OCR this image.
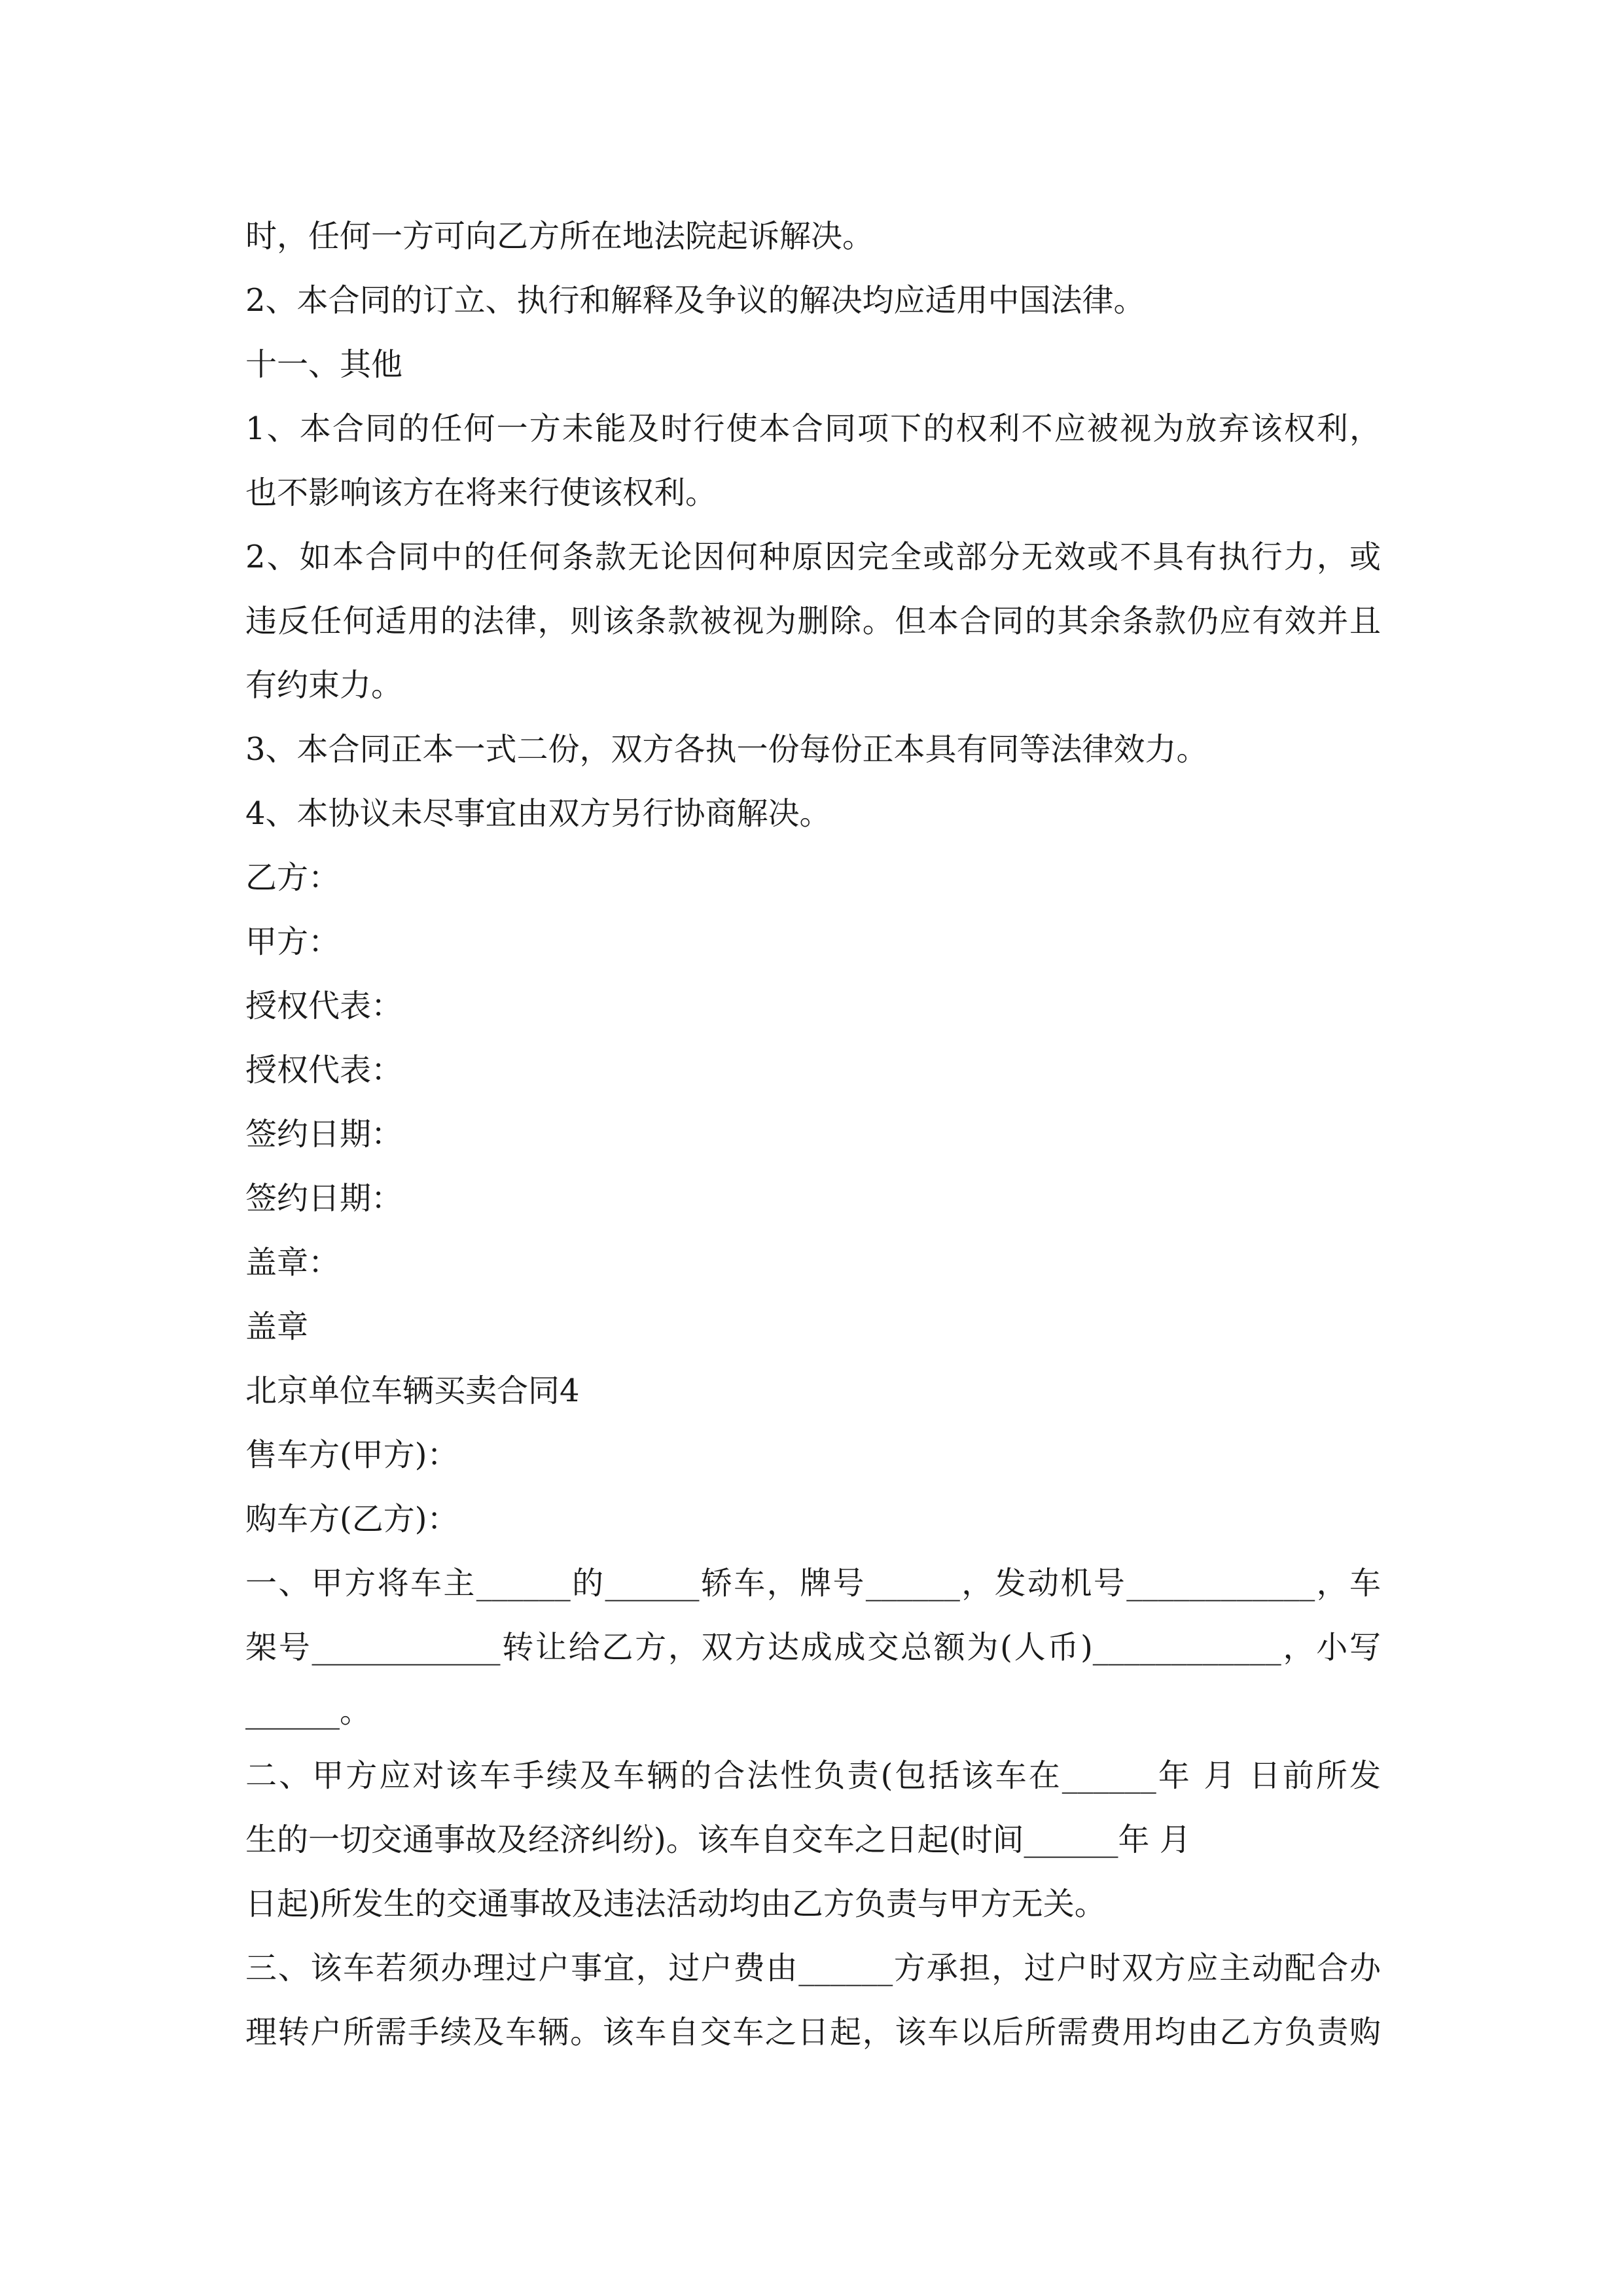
时，任何一方可向乙方所在地法院起诉解决。
2、本合同的订立、执行和解释及争议的解决均应适用中国法律。
十一、其他
1、本合同的任何一方未能及时行使本合同项下的权利不应被视为放弃该权利，
也不影响该方在将来行使该权利。
2、如本合同中的任何条款无论因何种原因完全或部分无效或不具有执行力，或
违反任何适用的法律，则该条款被视为删除。但本合同的其余条款仍应有效并且
有约束力。
3、本合同正本一式二份，双方各执一份每份正本具有同等法律效力。
4、本协议未尽事宜由双方另行协商解决。
乙方：
甲方：
授权代表：
授权代表：
签约日期：
签约日期：
盖章：
盖章
北京单位车辆买卖合同4
售车方(甲方)：
购车方(乙方)：
一、甲方将车主______的______轿车，牌号______，发动机号____________，车
架号____________转让给乙方，双方达成成交总额为(人币)____________，小写
______。
二、甲方应对该车手续及车辆的合法性负责(包括该车在______年 月 日前所发
生的一切交通事故及经济纠纷)。该车自交车之日起(时间______年 月
日起)所发生的交通事故及违法活动均由乙方负责与甲方无关。
三、该车若须办理过户事宜，过户费由______方承担，过户时双方应主动配合办
理转户所需手续及车辆。该车自交车之日起，该车以后所需费用均由乙方负责购
